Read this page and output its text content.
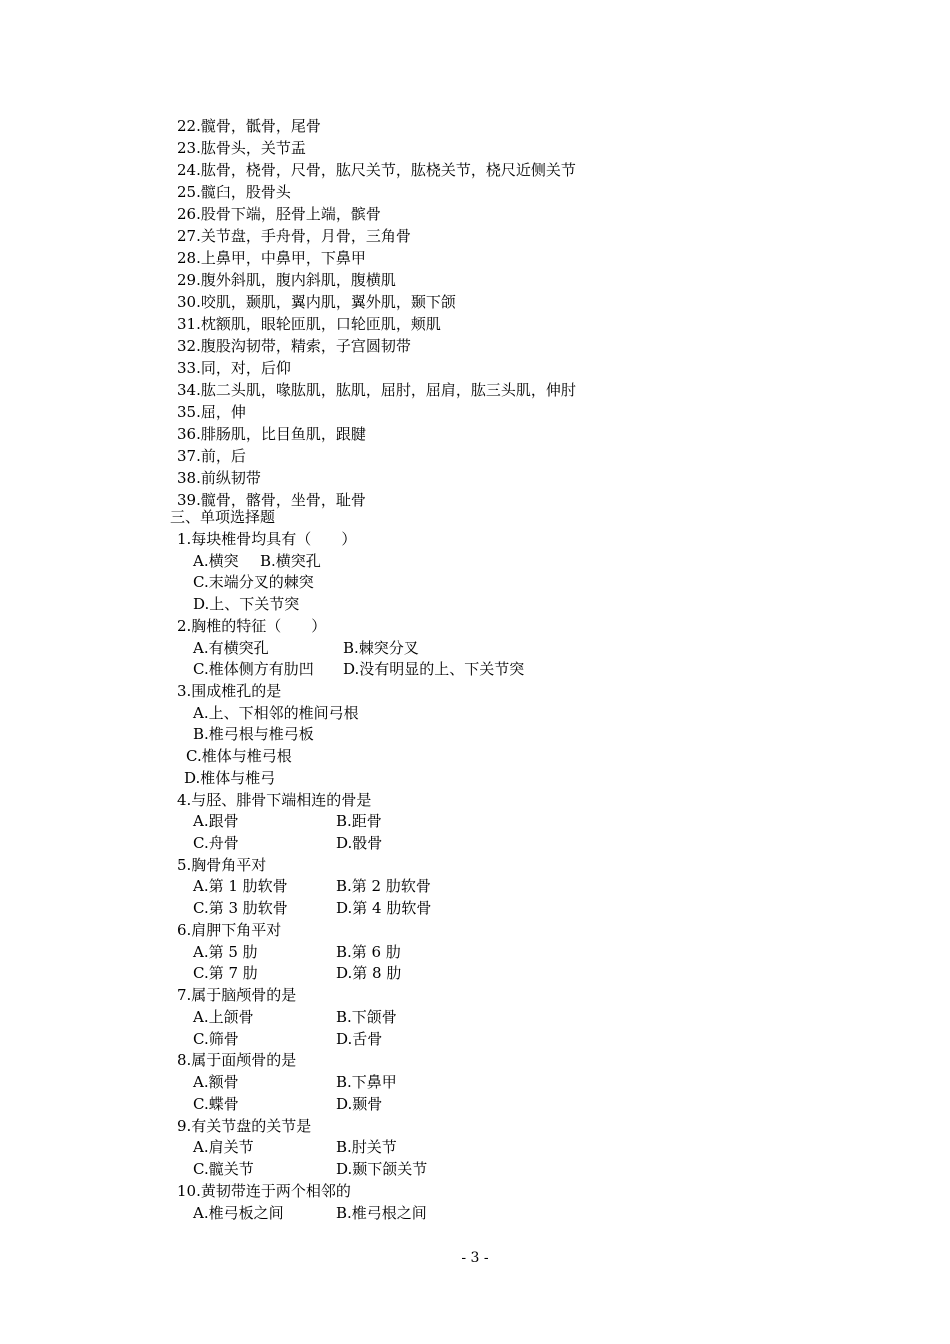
22.髋骨，骶骨，尾骨
23.肱骨头，关节盂
24.肱骨，桡骨，尺骨，肱尺关节，肱桡关节，桡尺近侧关节
25.髋臼，股骨头
26.股骨下端，胫骨上端，髌骨
27.关节盘，手舟骨，月骨，三角骨
28.上鼻甲，中鼻甲，下鼻甲
29.腹外斜肌，腹内斜肌，腹横肌
30.咬肌，颞肌，翼内肌，翼外肌，颞下颌
31.枕额肌，眼轮匝肌，口轮匝肌，颊肌
32.腹股沟韧带，精索，子宫圆韧带
33.同，对，后仰
34.肱二头肌，喙肱肌，肱肌，屈肘，屈肩，肱三头肌，伸肘
35.屈，伸
36.腓肠肌，比目鱼肌，跟腱
37.前，后
38.前纵韧带
39.髋骨，髂骨，坐骨，耻骨
三、单项选择题
1.每块椎骨均具有（　　）
A.横突 B.横突孔
C.末端分叉的棘突
D.上、下关节突
2.胸椎的特征（　　）
A.有横突孔	B.棘突分叉
C.椎体侧方有肋凹 D.没有明显的上、下关节突
3.围成椎孔的是
A.上、下相邻的椎间弓根
B.椎弓根与椎弓板
C.椎体与椎弓根
D.椎体与椎弓
4.与胫、腓骨下端相连的骨是
A.跟骨	B.距骨
C.舟骨	D.骰骨
5.胸骨角平对
A.第 1 肋软骨	B.第 2 肋软骨
C.第 3 肋软骨	D.第 4 肋软骨
6.肩胛下角平对
A.第 5 肋	B.第 6 肋
C.第 7 肋	D.第 8 肋
7.属于脑颅骨的是
A.上颌骨	B.下颌骨
C.筛骨	D.舌骨
8.属于面颅骨的是
A.额骨	B.下鼻甲
C.蝶骨	D.颞骨
9.有关节盘的关节是
A.肩关节	B.肘关节
C.髋关节	D.颞下颌关节
10.黄韧带连于两个相邻的
A.椎弓板之间	B.椎弓根之间
- 3 -
